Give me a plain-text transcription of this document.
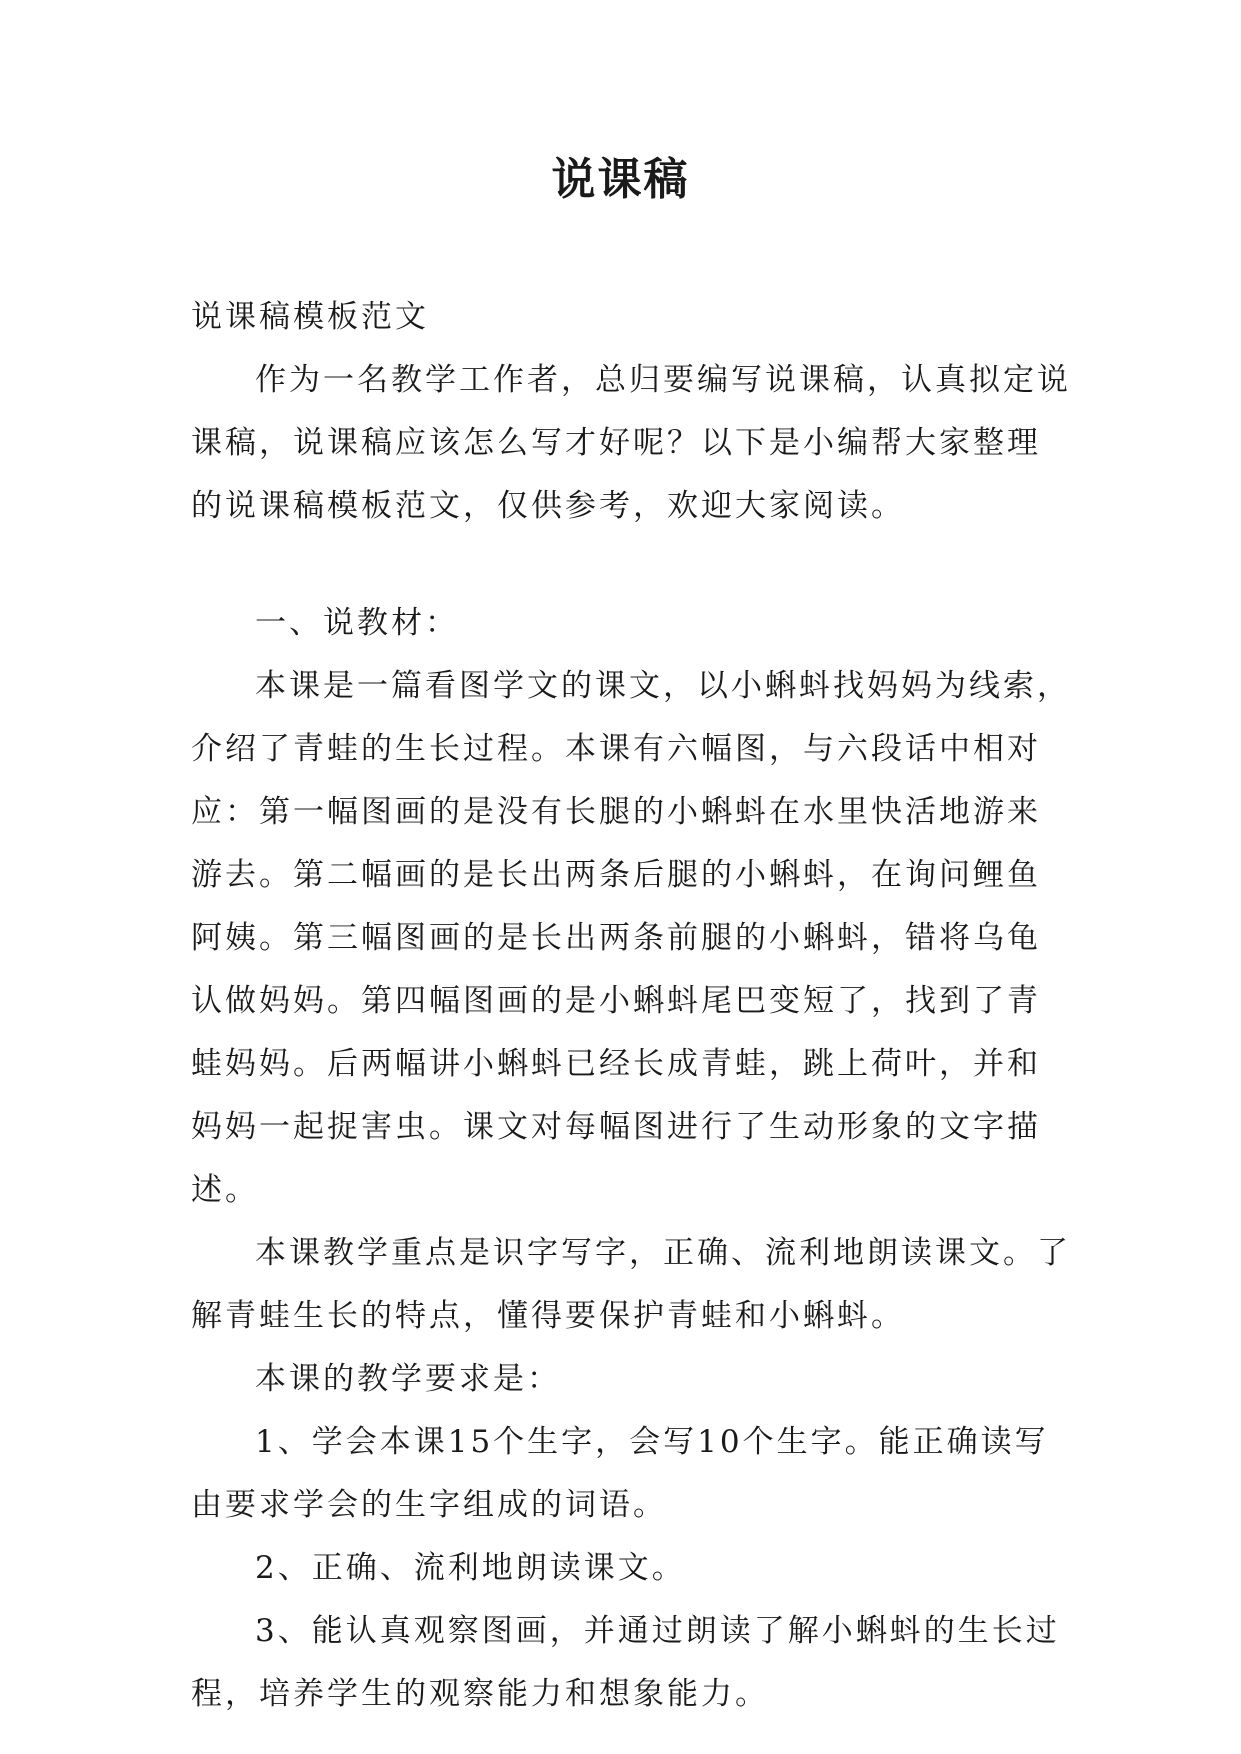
说课稿

说课稿模板范文

作为一名教学工作者，总归要编写说课稿，认真拟定说课稿，说课稿应该怎么写才好呢？以下是小编帮大家整理的说课稿模板范文，仅供参考，欢迎大家阅读。

一、说教材：

本课是一篇看图学文的课文，以小蝌蚪找妈妈为线索，介绍了青蛙的生长过程。本课有六幅图，与六段话中相对应：第一幅图画的是没有长腿的小蝌蚪在水里快活地游来游去。第二幅画的是长出两条后腿的小蝌蚪，在询问鲤鱼阿姨。第三幅图画的是长出两条前腿的小蝌蚪，错将乌龟认做妈妈。第四幅图画的是小蝌蚪尾巴变短了，找到了青蛙妈妈。后两幅讲小蝌蚪已经长成青蛙，跳上荷叶，并和妈妈一起捉害虫。课文对每幅图进行了生动形象的文字描述。

本课教学重点是识字写字，正确、流利地朗读课文。了解青蛙生长的特点，懂得要保护青蛙和小蝌蚪。

本课的教学要求是：

1、学会本课15个生字，会写10个生字。能正确读写由要求学会的生字组成的词语。

2、正确、流利地朗读课文。

3、能认真观察图画，并通过朗读了解小蝌蚪的生长过程，培养学生的观察能力和想象能力。
